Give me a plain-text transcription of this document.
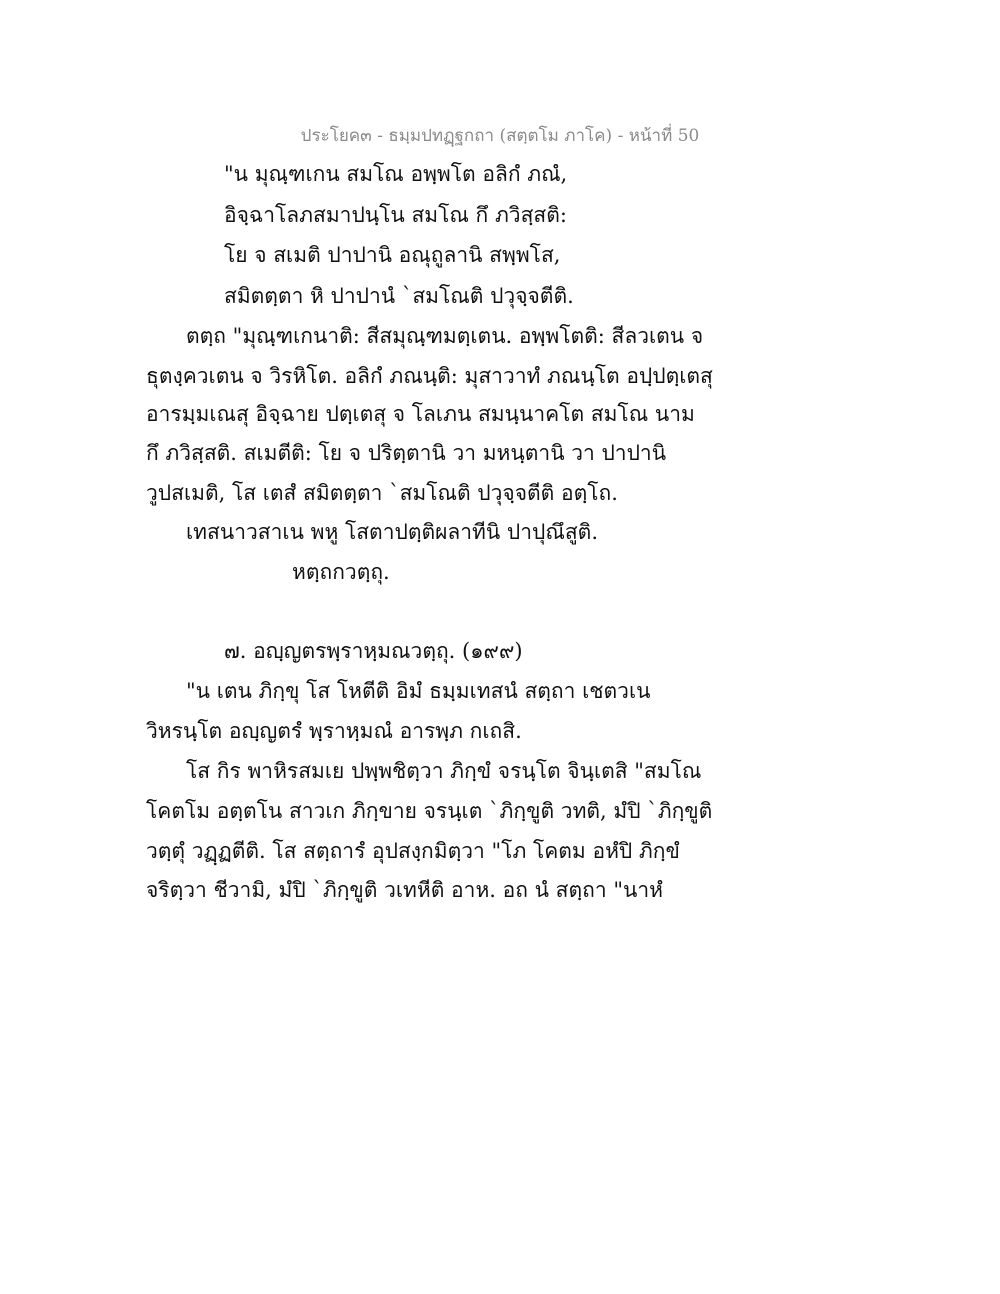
ประโยค๓ - ธมฺมปทฏฺฐกถา (สตฺตโม ภาโค) - หน้าที่ 50
"น มุณฺฑเกน สมโณ อพฺพโต อลิกํ ภณํ,
อิจฺฉาโลภสมาปนฺโน สมโณ กึ ภวิสฺสติ:
โย จ สเมติ ปาปานิ อณุถูลานิ สพฺพโส,
สมิตตฺตา หิ ปาปานํ `สมโณติ ปวุจฺจตีติ.
ตตฺถ "มุณฺฑเกนาติ: สีสมุณฺฑมตฺเตน. อพฺพโตติ: สีลวเตน จ
ธุตงฺควเตน จ วิรหิโต. อลิกํ ภณนฺติ: มุสาวาทํ ภณนฺโต อปฺปตฺเตสุ
อารมฺมเณสุ อิจฺฉาย ปตฺเตสุ จ โลเภน สมนฺนาคโต สมโณ นาม
กึ ภวิสฺสติ. สเมตีติ: โย จ ปริตฺตานิ วา มหนฺตานิ วา ปาปานิ
วูปสเมติ, โส เตสํ สมิตตฺตา `สมโณติ ปวุจฺจตีติ อตฺโถ.
เทสนาวสาเน พหู โสตาปตฺติผลาทีนิ ปาปุณึสูติ.
หตฺถกวตฺถุ.
๗. อญฺญตรพฺราหฺมณวตฺถุ. (๑๙๙)
"น เตน ภิกฺขุ โส โหตีติ อิมํ ธมฺมเทสนํ สตฺถา เชตวเน
วิหรนฺโต อญฺญตรํ พฺราหฺมณํ อารพฺภ กเถสิ.
โส กิร พาหิรสมเย ปพฺพชิตฺวา ภิกฺขํ จรนฺโต จินฺเตสิ "สมโณ
โคตโม อตฺตโน สาวเก ภิกฺขาย จรนฺเต `ภิกฺขูติ วทติ, มํปิ `ภิกฺขูติ
วตฺตุํ วฏฺฏตีติ. โส สตฺถารํ อุปสงฺกมิตฺวา "โภ โคตม อหํปิ ภิกฺขํ
จริตฺวา ชีวามิ, มํปิ `ภิกฺขูติ วเทหีติ อาห. อถ นํ สตฺถา "นาหํ
